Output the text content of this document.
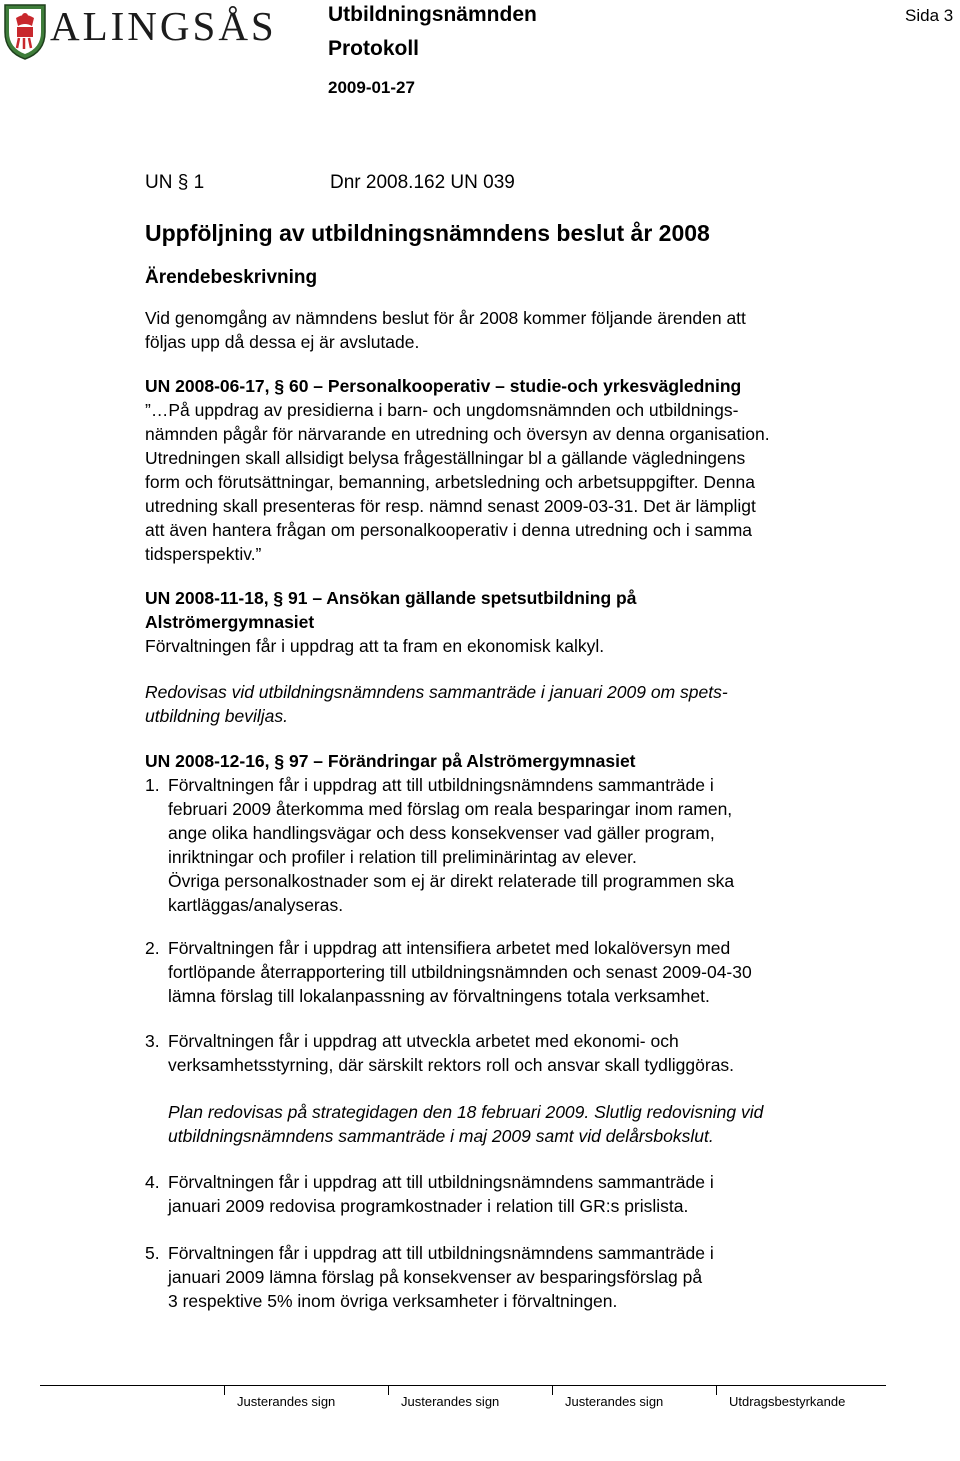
ALINGSÅS Utbildningsnämnden
Protokoll
2009-01-27
Sida 3
UN § 1	Dnr 2008.162 UN 039
Uppföljning av utbildningsnämndens beslut år 2008
Ärendebeskrivning
Vid genomgång av nämndens beslut för år 2008 kommer följande ärenden att
följas upp då dessa ej är avslutade.
UN 2008-06-17, § 60 – Personalkooperativ – studie-och yrkesvägledning
”…På uppdrag av presidierna i barn- och ungdomsnämnden och utbildnings-
nämnden pågår för närvarande en utredning och översyn av denna organisation.
Utredningen skall allsidigt belysa frågeställningar bl a gällande vägledningens
form och förutsättningar, bemanning, arbetsledning och arbetsuppgifter. Denna
utredning skall presenteras för resp. nämnd senast 2009-03-31. Det är lämpligt
att även hantera frågan om personalkooperativ i denna utredning och i samma
tidsperspektiv.”
UN 2008-11-18, § 91 – Ansökan gällande spetsutbildning på
Alströmergymnasiet
Förvaltningen får i uppdrag att ta fram en ekonomisk kalkyl.
Redovisas vid utbildningsnämndens sammanträde i januari 2009 om spets-
utbildning beviljas.
UN 2008-12-16, § 97 – Förändringar på Alströmergymnasiet
1. Förvaltningen får i uppdrag att till utbildningsnämndens sammanträde i
februari 2009 återkomma med förslag om reala besparingar inom ramen,
ange olika handlingsvägar och dess konsekvenser vad gäller program,
inriktningar och profiler i relation till preliminärintag av elever.
Övriga personalkostnader som ej är direkt relaterade till programmen ska
kartläggas/analyseras.
2. Förvaltningen får i uppdrag att intensifiera arbetet med lokalöversyn med
fortlöpande återrapportering till utbildningsnämnden och senast 2009-04-30
lämna förslag till lokalanpassning av förvaltningens totala verksamhet.
3. Förvaltningen får i uppdrag att utveckla arbetet med ekonomi- och
verksamhetsstyrning, där särskilt rektors roll och ansvar skall tydliggöras.
Plan redovisas på strategidagen den 18 februari 2009. Slutlig redovisning vid
utbildningsnämndens sammanträde i maj 2009 samt vid delårsbokslut.
4. Förvaltningen får i uppdrag att till utbildningsnämndens sammanträde i
januari 2009 redovisa programkostnader i relation till GR:s prislista.
5. Förvaltningen får i uppdrag att till utbildningsnämndens sammanträde i
januari 2009 lämna förslag på konsekvenser av besparingsförslag på
3 respektive 5% inom övriga verksamheter i förvaltningen.
Justerandes sign	Justerandes sign	Justerandes sign	Utdragsbestyrkande
